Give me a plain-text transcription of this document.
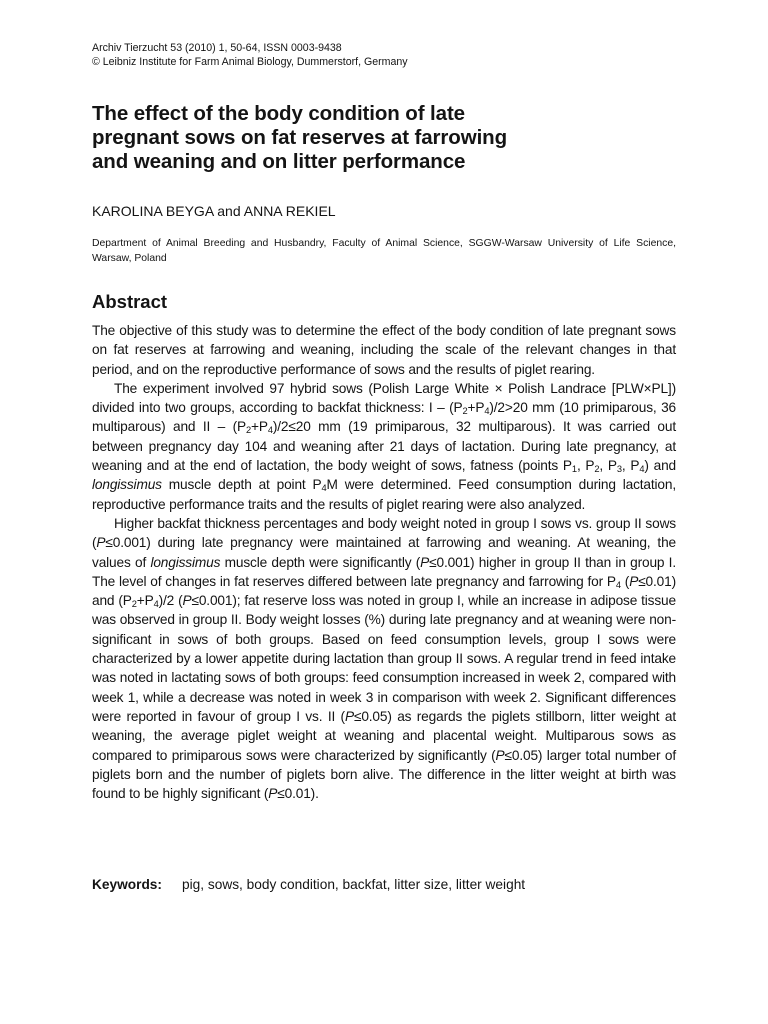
Archiv Tierzucht 53 (2010) 1, 50-64, ISSN 0003-9438
© Leibniz Institute for Farm Animal Biology, Dummerstorf, Germany
The effect of the body condition of late
pregnant sows on fat reserves at farrowing
and weaning and on litter performance
KAROLINA BEYGA and ANNA REKIEL
Department of Animal Breeding and Husbandry, Faculty of Animal Science, SGGW-Warsaw University of Life Science, Warsaw, Poland
Abstract

The objective of this study was to determine the effect of the body condition of late pregnant sows on fat reserves at farrowing and weaning, including the scale of the relevant changes in that period, and on the reproductive performance of sows and the results of piglet rearing.

The experiment involved 97 hybrid sows (Polish Large White × Polish Landrace [PLW×PL]) divided into two groups, according to backfat thickness: $I - (P_2+P_4)/2>20$ mm (10 primiparous, 36 multiparous) and II – $(P_2+P_4)/2\le 20$ mm (19 primiparous, 32 multiparous). It was carried out between pregnancy day 104 and weaning after 21 days of lactation. During late pregnancy, at weaning and at the end of lactation, the body weight of sows, fatness (points $P_1$, $P_2$, $P_3$, $P_4$) and longissimus muscle depth at point $P_4M$ were determined. Feed consumption during lactation, reproductive performance traits and the results of piglet rearing were also analyzed.

Higher backfat thickness percentages and body weight noted in group I sows vs. group II sows (P≤0.001) during late pregnancy were maintained at farrowing and weaning. At weaning, the values of longissimus muscle depth were significantly (P≤0.001) higher in group II than in group I. The level of changes in fat reserves differed between late pregnancy and farrowing for $P_4$ (P≤0.01) and $(P_2+P_4)/2$ (P≤0.001); fat reserve loss was noted in group I, while an increase in adipose tissue was observed in group II. Body weight losses (%) during late pregnancy and at weaning were non-significant in sows of both groups. Based on feed consumption levels, group I sows were characterized by a lower appetite during lactation than group II sows. A regular trend in feed intake was noted in lactating sows of both groups: feed consumption increased in week 2, compared with week 1, while a decrease was noted in week 3 in comparison with week 2. Significant differences were reported in favour of group I vs. II (P≤0.05) as regards the piglets stillborn, litter weight at weaning, the average piglet weight at weaning and placental weight. Multiparous sows as compared to primiparous sows were characterized by significantly (P≤0.05) larger total number of piglets born and the number of piglets born alive. The difference in the litter weight at birth was found to be highly significant (P≤0.01).

Keywords: pig, sows, body condition, backfat, litter size, litter weight
